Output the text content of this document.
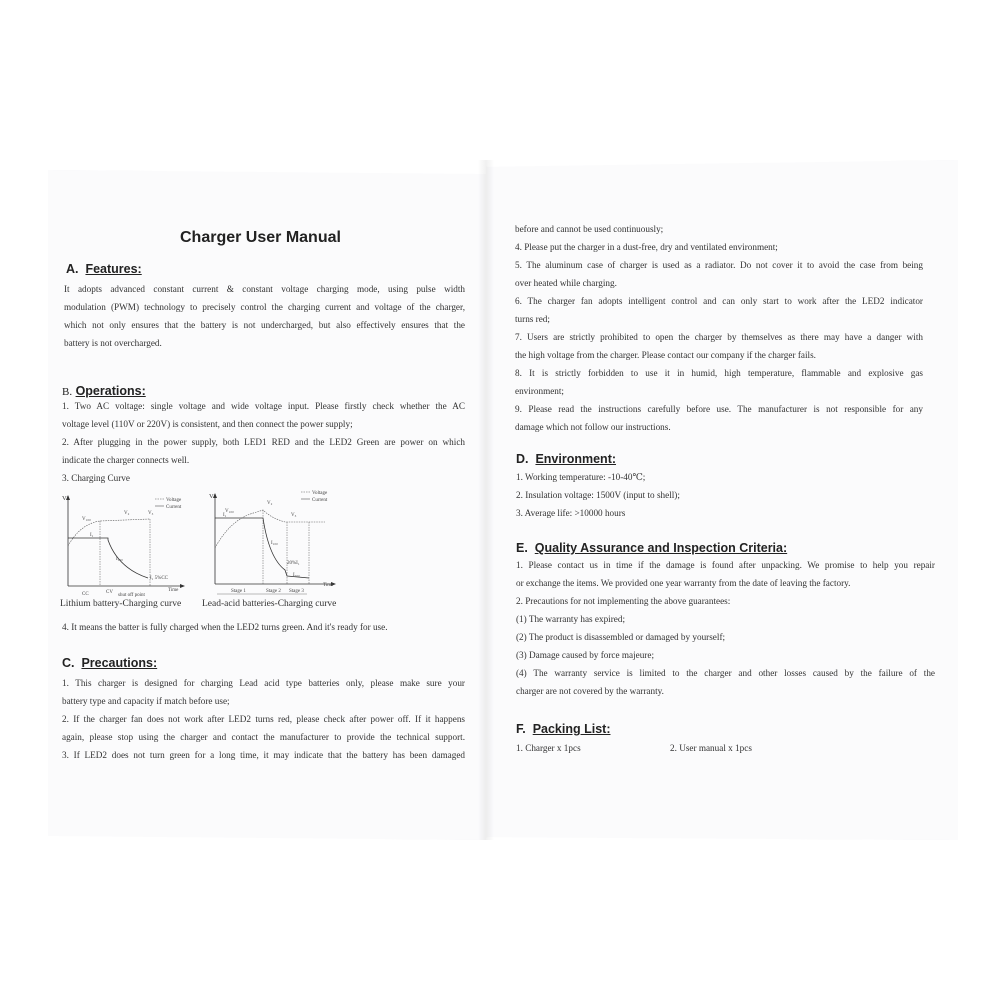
Charger User Manual
A. Features:
It adopts advanced constant current & constant voltage charging mode, using pulse width
modulation (PWM) technology to precisely control the charging current and voltage of the charger,
which not only ensures that the battery is not undercharged, but also effectively ensures that the
battery is not overcharged.
B. Operations:
1. Two AC voltage: single voltage and wide voltage input. Please firstly check whether the AC
voltage level (110V or 220V) is consistent, and then connect the power supply;
2. After plugging in the power supply, both LED1 RED and the LED2 Green are power on which
indicate the charger connects well.
3. Charging Curve
VI
Time
Voltage
Current
V₁₀₀
V₂	V₃
I₁
I₁₀₀
I₁ 5%CC
CC	CV
shut off point
Lithium battery-Charging curve
VI
Time
Voltage
Current
V₁₀₀
V₂
V₃
I₁
I₁₀₀
20%I₁
I₂₀₀
Stage 1	Stage 2 Stage 3
Lead-acid batteries-Charging curve
4. It means the batter is fully charged when the LED2 turns green. And it's ready for use.
C. Precautions:
1. This charger is designed for charging Lead acid type batteries only, please make sure your
battery type and capacity if match before use;
2. If the charger fan does not work after LED2 turns red, please check after power off. If it happens
again, please stop using the charger and contact the manufacturer to provide the technical support.
3. If LED2 does not turn green for a long time, it may indicate that the battery has been damaged
before and cannot be used continuously;
4. Please put the charger in a dust-free, dry and ventilated environment;
5. The aluminum case of charger is used as a radiator. Do not cover it to avoid the case from being
over heated while charging.
6. The charger fan adopts intelligent control and can only start to work after the LED2 indicator
turns red;
7. Users are strictly prohibited to open the charger by themselves as there may have a danger with
the high voltage from the charger. Please contact our company if the charger fails.
8. It is strictly forbidden to use it in humid, high temperature, flammable and explosive gas
environment;
9. Please read the instructions carefully before use. The manufacturer is not responsible for any
damage which not follow our instructions.
D. Environment:
1. Working temperature: -10-40℃;
2. Insulation voltage: 1500V (input to shell);
3. Average life: >10000 hours
E. Quality Assurance and Inspection Criteria:
1. Please contact us in time if the damage is found after unpacking. We promise to help you repair
or exchange the items. We provided one year warranty from the date of leaving the factory.
2. Precautions for not implementing the above guarantees:
(1) The warranty has expired;
(2) The product is disassembled or damaged by yourself;
(3) Damage caused by force majeure;
(4) The warranty service is limited to the charger and other losses caused by the failure of the
charger are not covered by the warranty.
F. Packing List:
1. Charger x 1pcs	2. User manual x 1pcs
